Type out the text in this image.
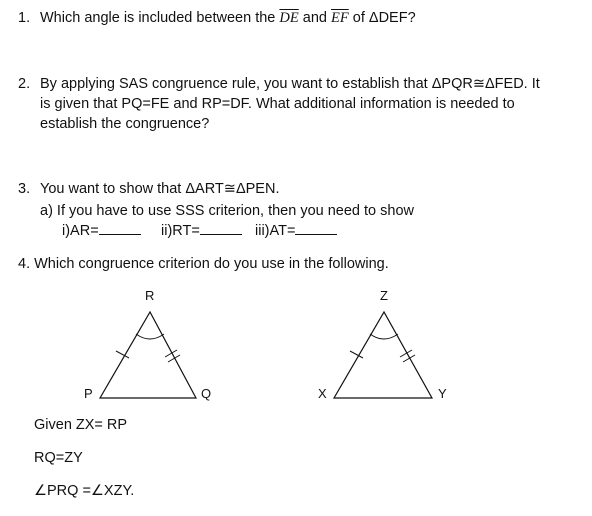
1. Which angle is included between the $\overline{DE}$ and $\overline{EF}$ of ΔDEF?
2. By applying SAS congruence rule, you want to establish that ΔPQR≅ΔFED. It
is given that PQ=FE and RP=DF. What additional information is needed to
establish the congruence?
3. You want to show that ΔART≅ΔPEN.
a) If you have to use SSS criterion, then you need to show
i)AR=	ii)RT=	iii)AT=
4. Which congruence criterion do you use in the following.
R
P	Q
Z
X	Y
Given ZX= RP
RQ=ZY
∠PRQ =∠XZY.
